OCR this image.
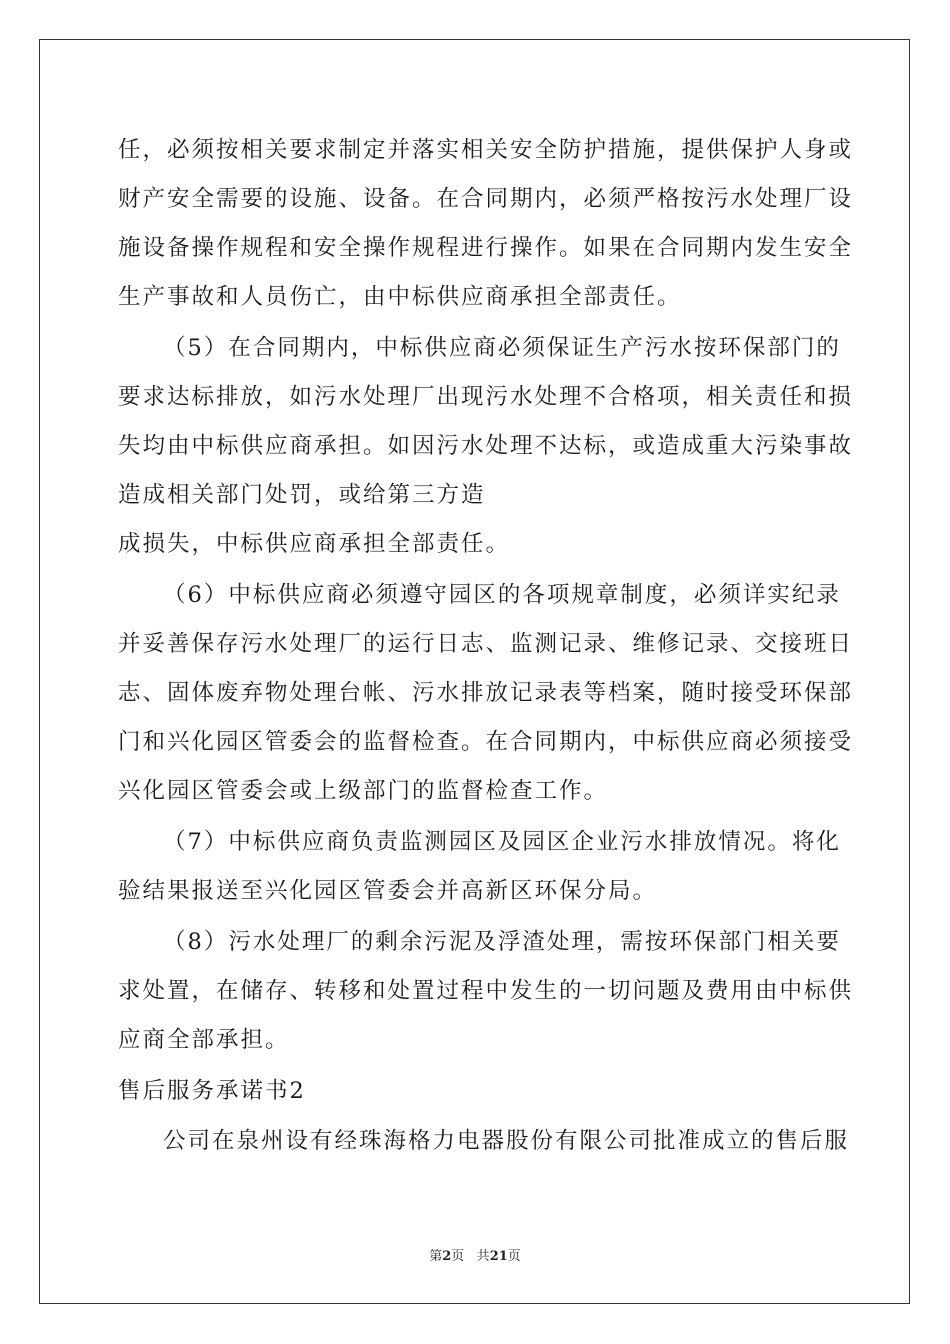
任，必须按相关要求制定并落实相关安全防护措施，提供保护人身或
财产安全需要的设施、设备。在合同期内，必须严格按污水处理厂设
施设备操作规程和安全操作规程进行操作。如果在合同期内发生安全
生产事故和人员伤亡，由中标供应商承担全部责任。
（5）在合同期内，中标供应商必须保证生产污水按环保部门的
要求达标排放，如污水处理厂出现污水处理不合格项，相关责任和损
失均由中标供应商承担。如因污水处理不达标，或造成重大污染事故
造成相关部门处罚，或给第三方造
成损失，中标供应商承担全部责任。
（6）中标供应商必须遵守园区的各项规章制度，必须详实纪录
并妥善保存污水处理厂的运行日志、监测记录、维修记录、交接班日
志、固体废弃物处理台帐、污水排放记录表等档案，随时接受环保部
门和兴化园区管委会的监督检查。在合同期内，中标供应商必须接受
兴化园区管委会或上级部门的监督检查工作。
（7）中标供应商负责监测园区及园区企业污水排放情况。将化
验结果报送至兴化园区管委会并高新区环保分局。
（8）污水处理厂的剩余污泥及浮渣处理，需按环保部门相关要
求处置，在储存、转移和处置过程中发生的一切问题及费用由中标供
应商全部承担。
售后服务承诺书2
公司在泉州设有经珠海格力电器股份有限公司批准成立的售后服
第2页 共21页
